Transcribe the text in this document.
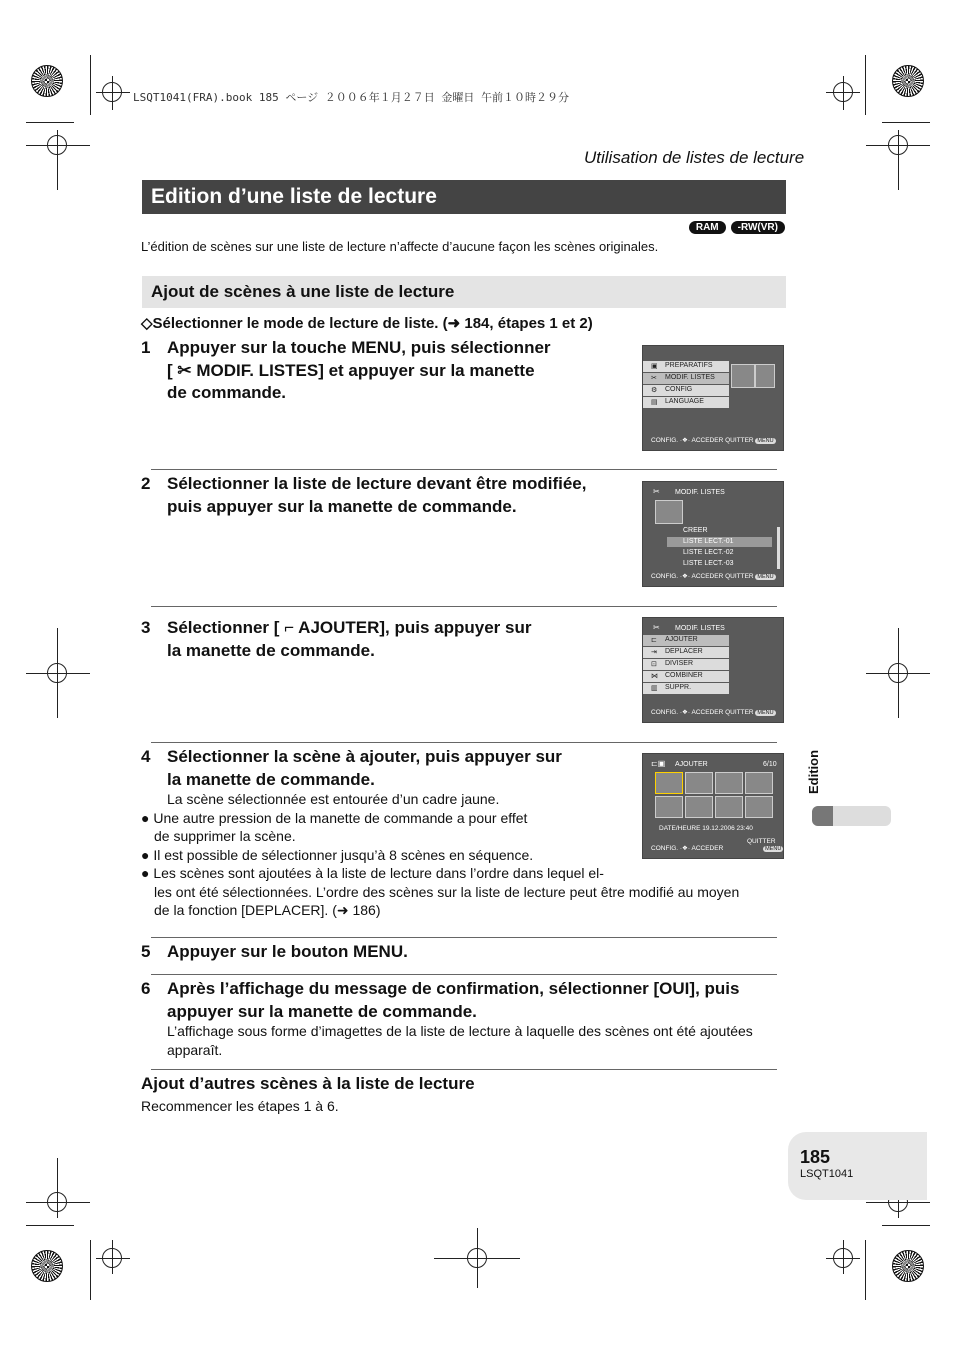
LSQT1041(FRA).book 185 ページ ２００６年１月２７日 金曜日 午前１０時２９分
Utilisation de listes de lecture
Edition d’une liste de lecture
RAM	-RW(VR)
L’édition de scènes sur une liste de lecture n’affecte d’aucune façon les scènes originales.
Ajout de scènes à une liste de lecture
◇Sélectionner le mode de lecture de liste. (➜ 184, étapes 1 et 2)
1 Appuyer sur la touche MENU, puis sélectionner
[ ✂ MODIF. LISTES] et appuyer sur la manette
de commande.
▣ PREPARATIFS
✂ MODIF. LISTES
⚙ CONFIG
▤ LANGUAGE
CONFIG. ·❖· ACCEDER QUITTER MENU
2 Sélectionner la liste de lecture devant être modifiée,
puis appuyer sur la manette de commande.
✂ MODIF. LISTES
CREER
LISTE LECT.-01
LISTE LECT.-02
LISTE LECT.-03
CONFIG. ·❖· ACCEDER QUITTER MENU
3 Sélectionner [ ⌐ AJOUTER], puis appuyer sur
la manette de commande.
✂ MODIF. LISTES
⊏ AJOUTER
⇥ DEPLACER
⊡ DIVISER
⋈ COMBINER
▥ SUPPR.
CONFIG. ·❖· ACCEDER QUITTER MENU
4 Sélectionner la scène à ajouter, puis appuyer sur
la manette de commande.
La scène sélectionnée est entourée d’un cadre jaune.
● Une autre pression de la manette de commande a pour effet
de supprimer la scène.
● Il est possible de sélectionner jusqu’à 8 scènes en séquence.
● Les scènes sont ajoutées à la liste de lecture dans l’ordre dans lequel el-
les ont été sélectionnées. L’ordre des scènes sur la liste de lecture peut être modifié au moyen
de la fonction [DEPLACER]. (➜ 186)
⊏▣ AJOUTER	6/10
DATE/HEURE 19.12.2006 23:40
QUITTER
CONFIG. ·❖· ACCEDER	MENU
5 Appuyer sur le bouton MENU.
6 Après l’affichage du message de confirmation, sélectionner [OUI], puis
appuyer sur la manette de commande.
L’affichage sous forme d’imagettes de la liste de lecture à laquelle des scènes ont été ajoutées
apparaît.
Ajout d’autres scènes à la liste de lecture
Recommencer les étapes 1 à 6.
Edition
185
LSQT1041
